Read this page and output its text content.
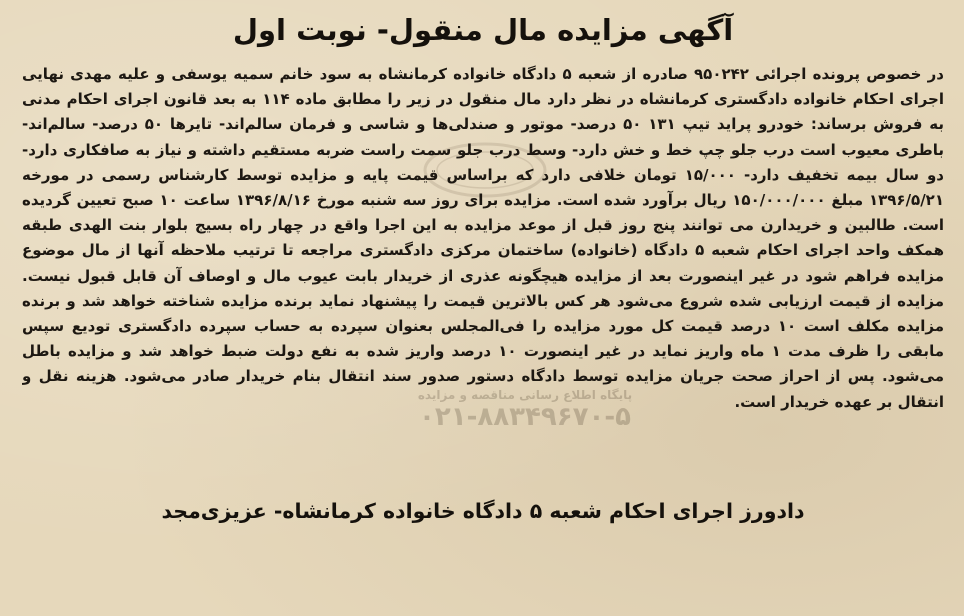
آگهی مزایده مال منقول- نوبت اول

در خصوص پرونده اجرائی ۹۵۰۲۴۲ صادره از شعبه ۵ دادگاه خانواده کرمانشاه به سود خانم سمیه یوسفی و علیه مهدی نهایی اجرای احکام خانواده دادگستری کرمانشاه در نظر دارد مال منقول در زیر را مطابق ماده ۱۱۴ به بعد قانون اجرای احکام مدنی به فروش برساند: خودرو پراید تیپ ۱۳۱ ۵۰ درصد- موتور و صندلی‌ها و شاسی و فرمان سالم‌اند- تایرها ۵۰ درصد- سالم‌اند- باطری معیوب است درب جلو چپ خط و خش دارد- وسط درب جلو سمت راست ضربه مستقیم داشته و نیاز به صافکاری دارد- دو سال بیمه تخفیف دارد- ۱۵/۰۰۰ تومان خلافی دارد که براساس قیمت پایه و مزایده توسط کارشناس رسمی در مورخه ۱۳۹۶/۵/۲۱ مبلغ ۱۵۰/۰۰۰/۰۰۰ ریال برآورد شده است. مزایده برای روز سه شنبه مورخ ۱۳۹۶/۸/۱۶ ساعت ۱۰ صبح تعیین گردیده است. طالبین و خریدارن می توانند پنج روز قبل از موعد مزایده به این اجرا واقع در چهار راه بسیج بلوار بنت الهدی طبقه همکف واحد اجرای احکام شعبه ۵ دادگاه (خانواده) ساختمان مرکزی دادگستری مراجعه تا ترتیب ملاحظه آنها از مال موضوع مزایده فراهم شود در غیر اینصورت بعد از مزایده هیچگونه عذری از خریدار بابت عیوب مال و اوصاف آن قابل قبول نیست. مزایده از قیمت ارزیابی شده شروع می‌شود هر کس بالاترین قیمت را پیشنهاد نماید برنده مزایده شناخته خواهد شد و برنده مزایده مکلف است ۱۰ درصد قیمت کل مورد مزایده را فی‌المجلس بعنوان سپرده به حساب سپرده دادگستری تودیع سپس مابقی را ظرف مدت ۱ ماه واریز نماید در غیر اینصورت ۱۰ درصد واریز شده به نفع دولت ضبط خواهد شد و مزایده باطل می‌شود. پس از احراز صحت جریان مزایده توسط دادگاه دستور صدور سند انتقال بنام خریدار صادر می‌شود. هزینه نقل و انتقال بر عهده خریدار است.

دادورز اجرای احکام شعبه ۵ دادگاه خانواده کرمانشاه- عزیزی‌مجد
پایگاه اطلاع رسانی مناقصه و مزایده
۰۲۱-۸۸۳۴۹۶۷۰-۵
